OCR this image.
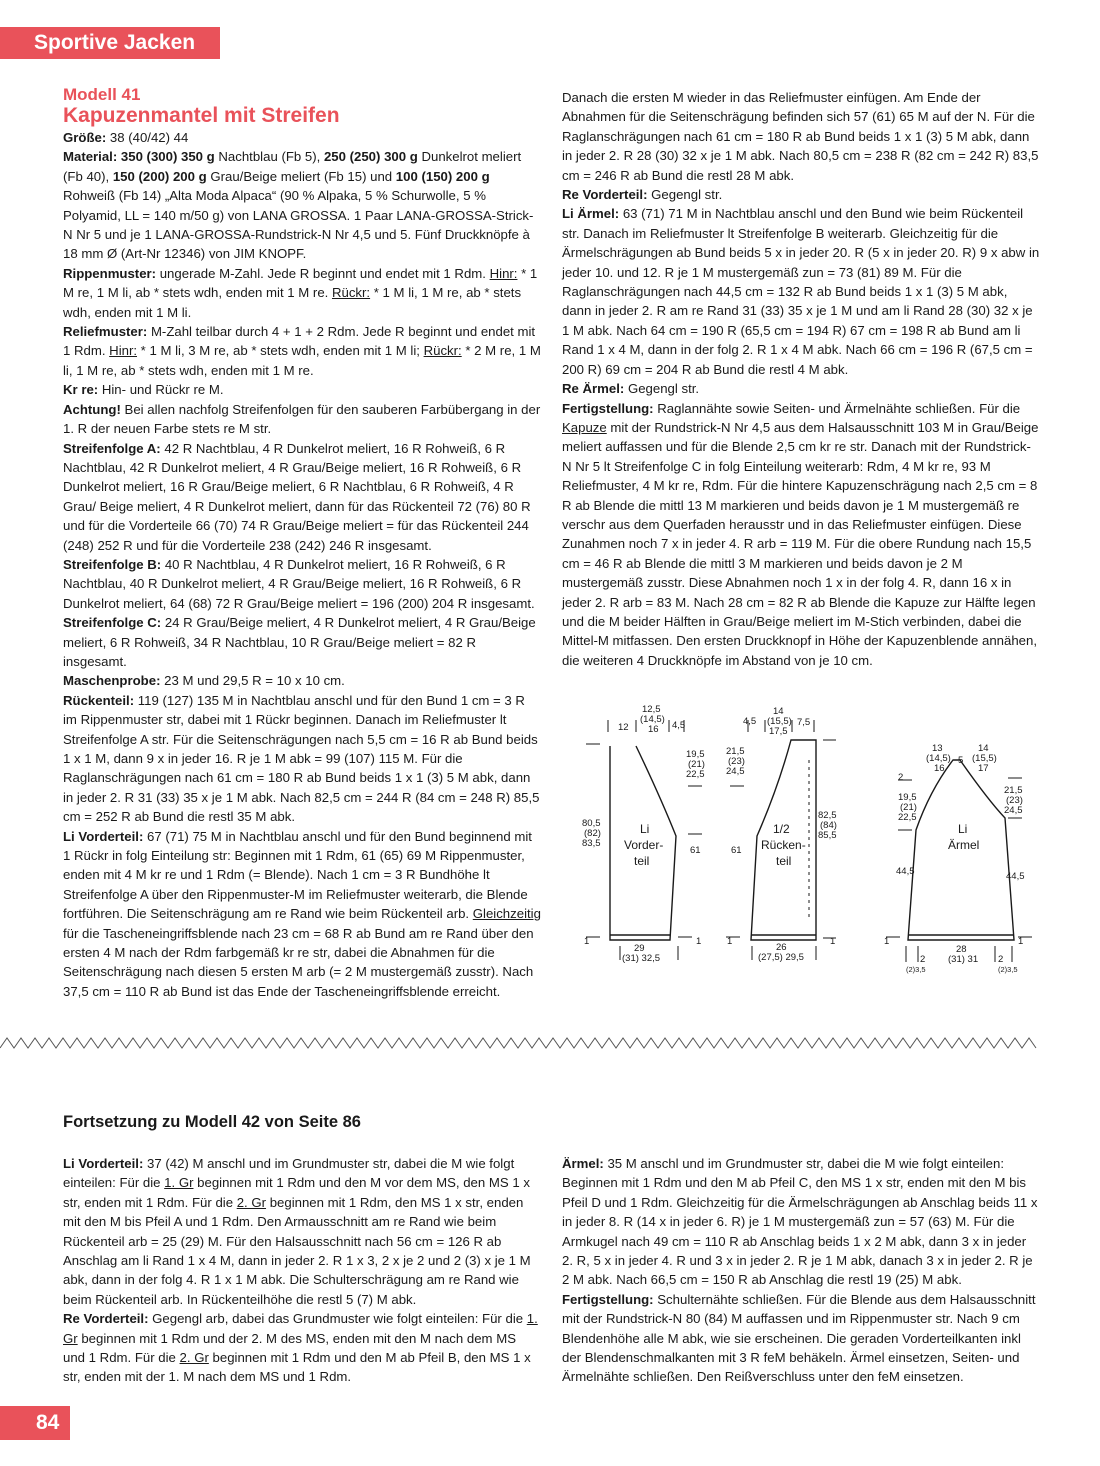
Sportive Jacken
Modell 41
Kapuzenmantel mit Streifen

Größe: 38 (40/42) 44

Material: 350 (300) 350 g Nachtblau (Fb 5), 250 (250) 300 g Dunkelrot meliert (Fb 40), 150 (200) 200 g Grau/Beige meliert (Fb 15) und 100 (150) 200 g Rohweiß (Fb 14) „Alta Moda Alpaca“ (90 % Alpaka, 5 % Schurwolle, 5 % Polyamid, LL = 140 m/50 g) von LANA GROSSA. 1 Paar LANA-GROSSA-Strick-N Nr 5 und je 1 LANA-GROSSA-Rundstrick-N Nr 4,5 und 5. Fünf Druckknöpfe à 18 mm Ø (Art-Nr 12346) von JIM KNOPF.

Rippenmuster: ungerade M-Zahl. Jede R beginnt und endet mit 1 Rdm. Hinr: * 1 M re, 1 M li, ab * stets wdh, enden mit 1 M re. Rückr: * 1 M li, 1 M re, ab * stets wdh, enden mit 1 M li.

Reliefmuster: M-Zahl teilbar durch 4 + 1 + 2 Rdm. Jede R beginnt und endet mit 1 Rdm. Hinr: * 1 M li, 3 M re, ab * stets wdh, enden mit 1 M li; Rückr: * 2 M re, 1 M li, 1 M re, ab * stets wdh, enden mit 1 M re.

Kr re: Hin- und Rückr re M.

Achtung! Bei allen nachfolg Streifenfolgen für den sauberen Farbübergang in der 1. R der neuen Farbe stets re M str.

Streifenfolge A: 42 R Nachtblau, 4 R Dunkelrot meliert, 16 R Rohweiß, 6 R Nachtblau, 42 R Dunkelrot meliert, 4 R Grau/Beige meliert, 16 R Rohweiß, 6 R Dunkelrot meliert, 16 R Grau/Beige meliert, 6 R Nachtblau, 6 R Rohweiß, 4 R Grau/ Beige meliert, 4 R Dunkelrot meliert, dann für das Rückenteil 72 (76) 80 R und für die Vorderteile 66 (70) 74 R Grau/Beige meliert = für das Rückenteil 244 (248) 252 R und für die Vorderteile 238 (242) 246 R insgesamt.

Streifenfolge B: 40 R Nachtblau, 4 R Dunkelrot meliert, 16 R Rohweiß, 6 R Nachtblau, 40 R Dunkelrot meliert, 4 R Grau/Beige meliert, 16 R Rohweiß, 6 R Dunkelrot meliert, 64 (68) 72 R Grau/Beige meliert = 196 (200) 204 R insgesamt.

Streifenfolge C: 24 R Grau/Beige meliert, 4 R Dunkelrot meliert, 4 R Grau/Beige meliert, 6 R Rohweiß, 34 R Nachtblau, 10 R Grau/Beige meliert = 82 R insgesamt.

Maschenprobe: 23 M und 29,5 R = 10 x 10 cm.

Rückenteil: 119 (127) 135 M in Nachtblau anschl und für den Bund 1 cm = 3 R im Rippenmuster str, dabei mit 1 Rückr beginnen. Danach im Reliefmuster lt Streifenfolge A str. Für die Seitenschrägungen nach 5,5 cm = 16 R ab Bund beids 1 x 1 M, dann 9 x in jeder 16. R je 1 M abk = 99 (107) 115 M. Für die Raglanschrägungen nach 61 cm = 180 R ab Bund beids 1 x 1 (3) 5 M abk, dann in jeder 2. R 31 (33) 35 x je 1 M abk. Nach 82,5 cm = 244 R (84 cm = 248 R) 85,5 cm = 252 R ab Bund die restl 35 M abk.

Li Vorderteil: 67 (71) 75 M in Nachtblau anschl und für den Bund beginnend mit 1 Rückr in folg Einteilung str: Beginnen mit 1 Rdm, 61 (65) 69 M Rippenmuster, enden mit 4 M kr re und 1 Rdm (= Blende). Nach 1 cm = 3 R Bundhöhe lt Streifenfolge A über den Rippenmuster-M im Reliefmuster weiterarb, die Blende fortführen. Die Seitenschrägung am re Rand wie beim Rückenteil arb. Gleichzeitig für die Tascheneingriffsblende nach 23 cm = 68 R ab Bund am re Rand über den ersten 4 M nach der Rdm farbgemäß kr re str, dabei die Abnahmen für die Seitenschrägung nach diesen 5 ersten M arb (= 2 M mustergemäß zusstr). Nach 37,5 cm = 110 R ab Bund ist das Ende der Tascheneingriffsblende erreicht.

Danach die ersten M wieder in das Reliefmuster einfügen. Am Ende der Abnahmen für die Seitenschrägung befinden sich 57 (61) 65 M auf der N. Für die Raglanschrägungen nach 61 cm = 180 R ab Bund beids 1 x 1 (3) 5 M abk, dann in jeder 2. R 28 (30) 32 x je 1 M abk. Nach 80,5 cm = 238 R (82 cm = 242 R) 83,5 cm = 246 R ab Bund die restl 28 M abk.

Re Vorderteil: Gegengl str.

Li Ärmel: 63 (71) 71 M in Nachtblau anschl und den Bund wie beim Rückenteil str. Danach im Reliefmuster lt Streifenfolge B weiterarb. Gleichzeitig für die Ärmelschrägungen ab Bund beids 5 x in jeder 20. R (5 x in jeder 20. R) 9 x abw in jeder 10. und 12. R je 1 M mustergemäß zun = 73 (81) 89 M. Für die Raglanschrägungen nach 44,5 cm = 132 R ab Bund beids 1 x 1 (3) 5 M abk, dann in jeder 2. R am re Rand 31 (33) 35 x je 1 M und am li Rand 28 (30) 32 x je 1 M abk. Nach 64 cm = 190 R (65,5 cm = 194 R) 67 cm = 198 R ab Bund am li Rand 1 x 4 M, dann in der folg 2. R 1 x 4 M abk. Nach 66 cm = 196 R (67,5 cm = 200 R) 69 cm = 204 R ab Bund die restl 4 M abk.

Re Ärmel: Gegengl str.

Fertigstellung: Raglannähte sowie Seiten- und Ärmelnähte schließen. Für die Kapuze mit der Rundstrick-N Nr 4,5 aus dem Halsausschnitt 103 M in Grau/Beige meliert auffassen und für die Blende 2,5 cm kr re str. Danach mit der Rundstrick-N Nr 5 lt Streifenfolge C in folg Einteilung weiterarb: Rdm, 4 M kr re, 93 M Reliefmuster, 4 M kr re, Rdm. Für die hintere Kapuzenschrägung nach 2,5 cm = 8 R ab Blende die mittl 13 M markieren und beids davon je 1 M mustergemäß re verschr aus dem Querfaden herausstr und in das Reliefmuster einfügen. Diese Zunahmen noch 7 x in jeder 4. R arb = 119 M. Für die obere Rundung nach 15,5 cm = 46 R ab Blende die mittl 3 M markieren und beids davon je 2 M mustergemäß zusstr. Diese Abnahmen noch 1 x in der folg 4. R, dann 16 x in jeder 2. R arb = 83 M. Nach 28 cm = 82 R ab Blende die Kapuze zur Hälfte legen und die M beider Hälften in Grau/Beige meliert im M-Stich verbinden, dabei die Mittel-M mitfassen. Den ersten Druckknopf in Höhe der Kapuzenblende annähen, die weiteren 4 Druckknöpfe im Abstand von je 10 cm.

12
12,5
(14,5)
16 4,5
80,5
(82)
83,5
19,5
(21)
22,5
61
29
(31) 32,5
1	1
Li
Vorder-
teil
4,5
14
(15,5)
17,5
7,5
21,5
(23)
24,5
61
82,5
(84)
85,5
26
(27,5) 29,5
1	1
1/2
Rücken-
teil
13
(14,5)
16
5
14
(15,5)
17
2
19,5
(21)
22,5
21,5
(23)
24,5
44,5	44,5
28
(31) 31
2	2
(2)3,5	(2)3,5
1	1
Li
Ärmel
Fortsetzung zu Modell 42 von Seite 86

Li Vorderteil: 37 (42) M anschl und im Grundmuster str, dabei die M wie folgt einteilen: Für die 1. Gr beginnen mit 1 Rdm und den M vor dem MS, den MS 1 x str, enden mit 1 Rdm. Für die 2. Gr beginnen mit 1 Rdm, den MS 1 x str, enden mit den M bis Pfeil A und 1 Rdm. Den Armausschnitt am re Rand wie beim Rückenteil arb = 25 (29) M. Für den Halsausschnitt nach 56 cm = 126 R ab Anschlag am li Rand 1 x 4 M, dann in jeder 2. R 1 x 3, 2 x je 2 und 2 (3) x je 1 M abk, dann in der folg 4. R 1 x 1 M abk. Die Schulterschrägung am re Rand wie beim Rückenteil arb. In Rückenteilhöhe die restl 5 (7) M abk.

Re Vorderteil: Gegengl arb, dabei das Grundmuster wie folgt einteilen: Für die 1. Gr beginnen mit 1 Rdm und der 2. M des MS, enden mit den M nach dem MS und 1 Rdm. Für die 2. Gr beginnen mit 1 Rdm und den M ab Pfeil B, den MS 1 x str, enden mit der 1. M nach dem MS und 1 Rdm.

Ärmel: 35 M anschl und im Grundmuster str, dabei die M wie folgt einteilen: Beginnen mit 1 Rdm und den M ab Pfeil C, den MS 1 x str, enden mit den M bis Pfeil D und 1 Rdm. Gleichzeitig für die Ärmelschrägungen ab Anschlag beids 11 x in jeder 8. R (14 x in jeder 6. R) je 1 M mustergemäß zun = 57 (63) M. Für die Armkugel nach 49 cm = 110 R ab Anschlag beids 1 x 2 M abk, dann 3 x in jeder 2. R, 5 x in jeder 4. R und 3 x in jeder 2. R je 1 M abk, danach 3 x in jeder 2. R je 2 M abk. Nach 66,5 cm = 150 R ab Anschlag die restl 19 (25) M abk.

Fertigstellung: Schulternähte schließen. Für die Blende aus dem Halsausschnitt mit der Rundstrick-N 80 (84) M auffassen und im Rippenmuster str. Nach 9 cm Blendenhöhe alle M abk, wie sie erscheinen. Die geraden Vorderteilkanten inkl der Blendenschmalkanten mit 3 R feM behäkeln. Ärmel einsetzen, Seiten- und Ärmelnähte schließen. Den Reißverschluss unter den feM einsetzen.

84
